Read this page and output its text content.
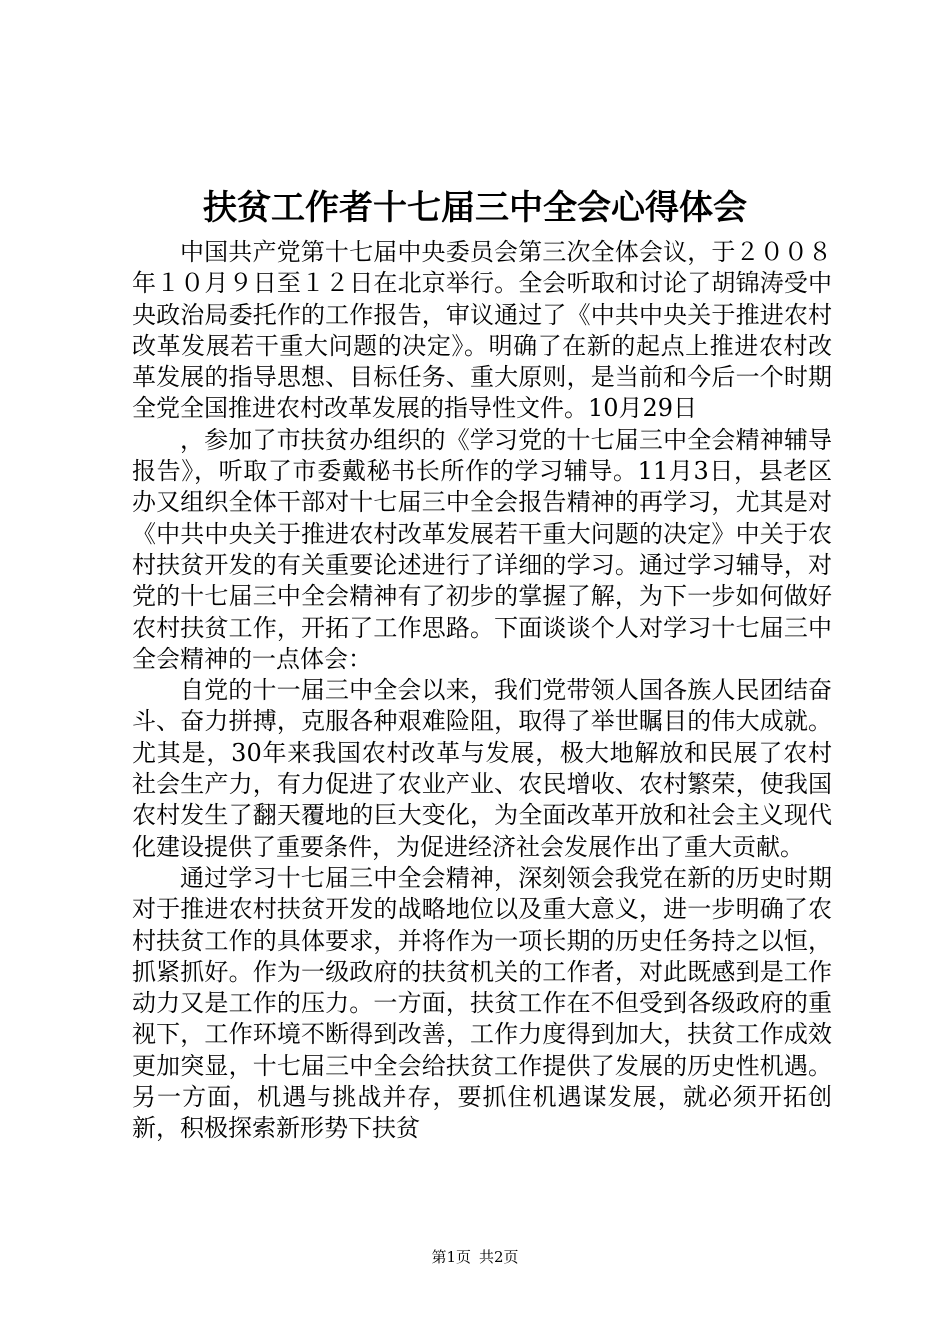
扶贫工作者十七届三中全会心得体会

中国共产党第十七届中央委员会第三次全体会议，于２００８年１０月９日至１２日在北京举行。全会听取和讨论了胡锦涛受中央政治局委托作的工作报告，审议通过了《中共中央关于推进农村改革发展若干重大问题的决定》。明确了在新的起点上推进农村改革发展的指导思想、目标任务、重大原则，是当前和今后一个时期全党全国推进农村改革发展的指导性文件。10月29日

，参加了市扶贫办组织的《学习党的十七届三中全会精神辅导报告》，听取了市委戴秘书长所作的学习辅导。11月3日，县老区办又组织全体干部对十七届三中全会报告精神的再学习，尤其是对《中共中央关于推进农村改革发展若干重大问题的决定》中关于农村扶贫开发的有关重要论述进行了详细的学习。通过学习辅导，对党的十七届三中全会精神有了初步的掌握了解，为下一步如何做好农村扶贫工作，开拓了工作思路。下面谈谈个人对学习十七届三中全会精神的一点体会：

自党的十一届三中全会以来，我们党带领人国各族人民团结奋斗、奋力拼搏，克服各种艰难险阻，取得了举世瞩目的伟大成就。尤其是，30年来我国农村改革与发展，极大地解放和民展了农村社会生产力，有力促进了农业产业、农民增收、农村繁荣，使我国农村发生了翻天覆地的巨大变化，为全面改革开放和社会主义现代化建设提供了重要条件，为促进经济社会发展作出了重大贡献。

通过学习十七届三中全会精神，深刻领会我党在新的历史时期对于推进农村扶贫开发的战略地位以及重大意义，进一步明确了农村扶贫工作的具体要求，并将作为一项长期的历史任务持之以恒，抓紧抓好。作为一级政府的扶贫机关的工作者，对此既感到是工作动力又是工作的压力。一方面，扶贫工作在不但受到各级政府的重视下，工作环境不断得到改善，工作力度得到加大，扶贫工作成效更加突显，十七届三中全会给扶贫工作提供了发展的历史性机遇。另一方面，机遇与挑战并存，要抓住机遇谋发展，就必须开拓创新，积极探索新形势下扶贫

第1页 共2页
